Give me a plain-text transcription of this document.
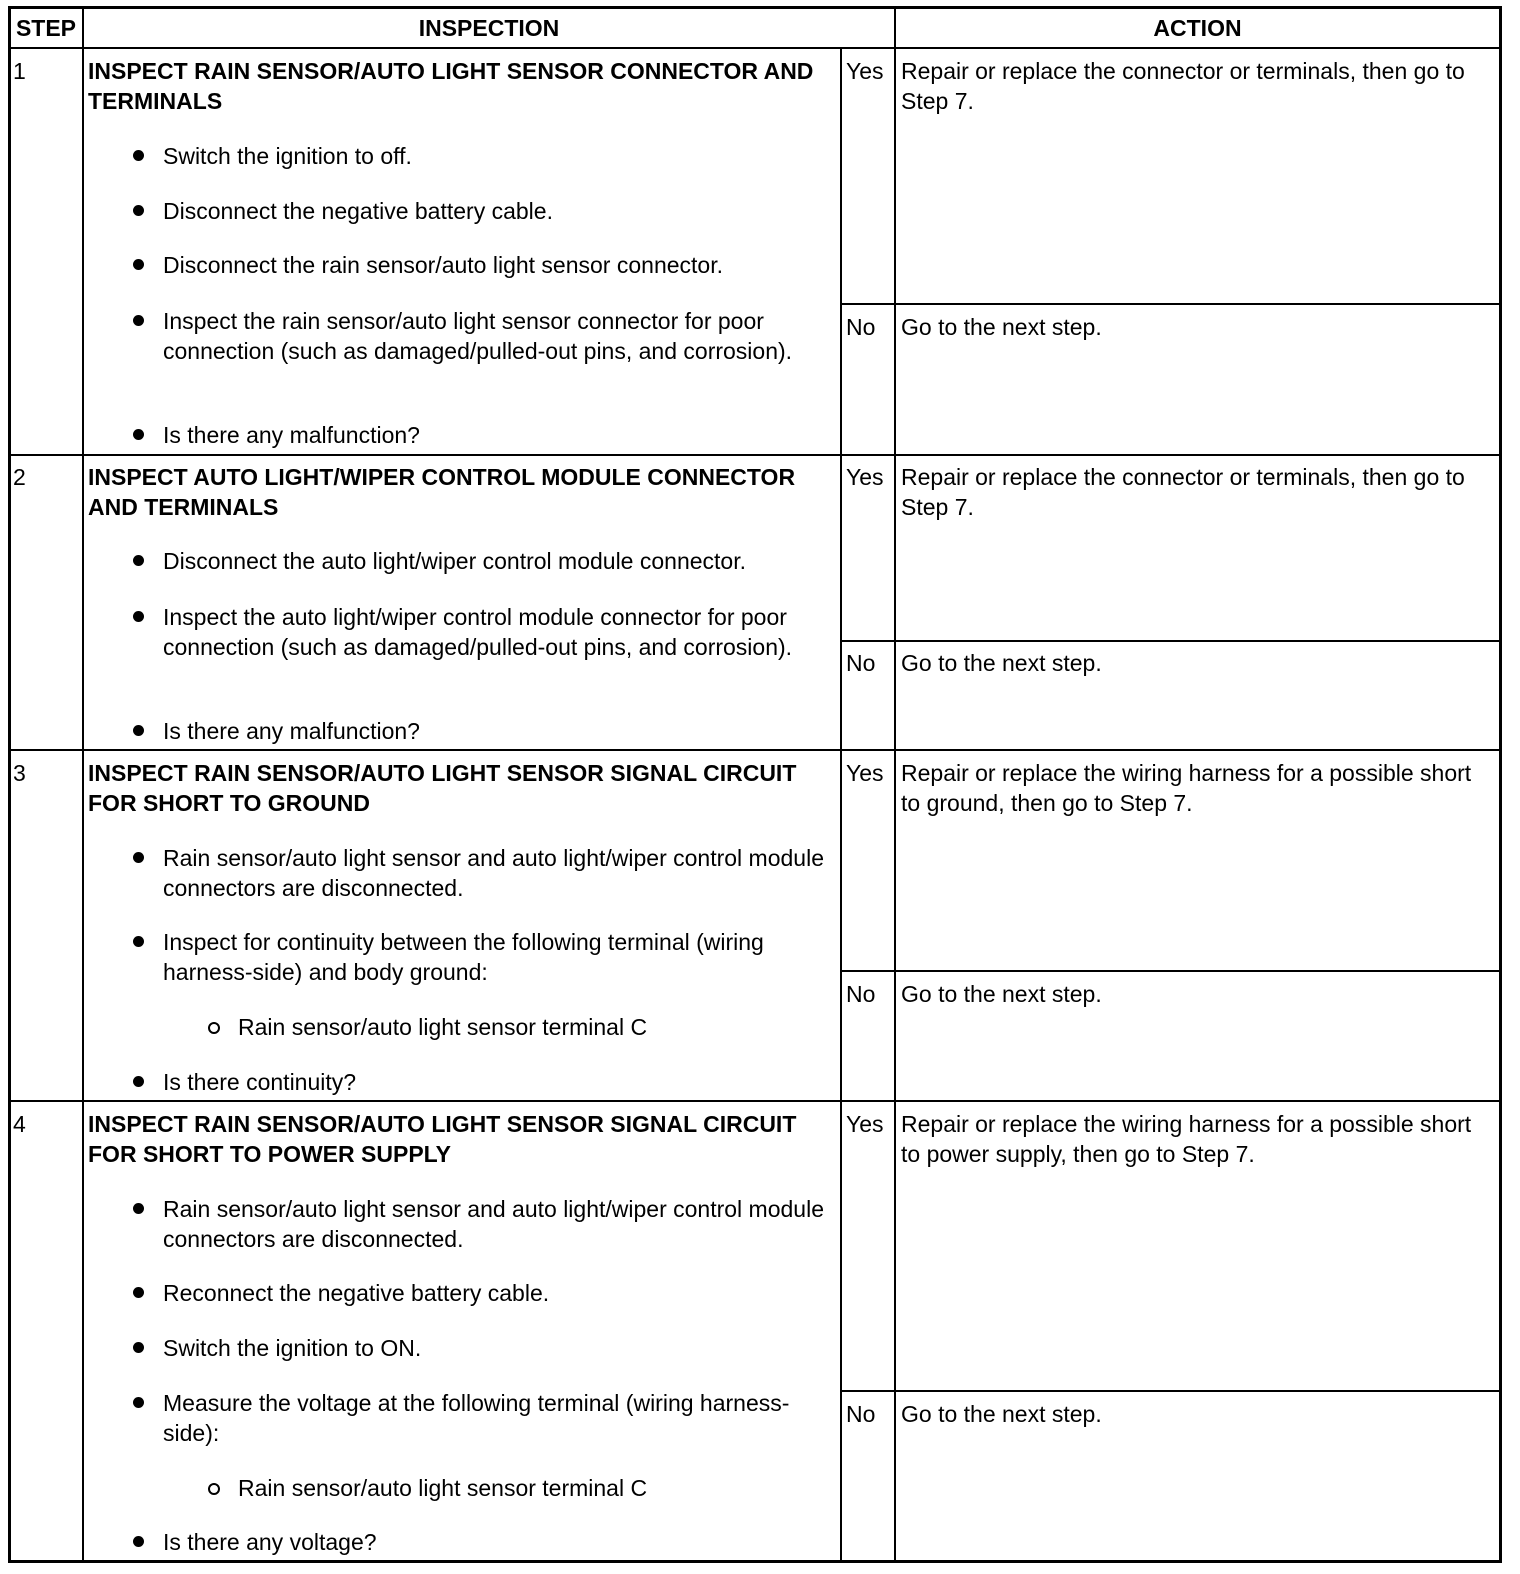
STEP	INSPECTION	ACTION
1	INSPECT RAIN SENSOR/AUTO LIGHT SENSOR CONNECTOR AND TERMINALS
Switch the ignition to off.
Disconnect the negative battery cable.
Disconnect the rain sensor/auto light sensor connector.
Inspect the rain sensor/auto light sensor connector for poor connection (such as damaged/pulled-out pins, and corrosion).
Is there any malfunction?
Yes Repair or replace the connector or terminals, then go to Step 7.
No Go to the next step.
2	INSPECT AUTO LIGHT/WIPER CONTROL MODULE CONNECTOR AND TERMINALS
Disconnect the auto light/wiper control module connector.
Inspect the auto light/wiper control module connector for poor connection (such as damaged/pulled-out pins, and corrosion).
Is there any malfunction?
Yes Repair or replace the connector or terminals, then go to Step 7.
No Go to the next step.
3	INSPECT RAIN SENSOR/AUTO LIGHT SENSOR SIGNAL CIRCUIT FOR SHORT TO GROUND
Rain sensor/auto light sensor and auto light/wiper control module connectors are disconnected.
Inspect for continuity between the following terminal (wiring harness-side) and body ground:
Rain sensor/auto light sensor terminal C
Is there continuity?
Yes Repair or replace the wiring harness for a possible short to ground, then go to Step 7.
No Go to the next step.
4	INSPECT RAIN SENSOR/AUTO LIGHT SENSOR SIGNAL CIRCUIT FOR SHORT TO POWER SUPPLY
Rain sensor/auto light sensor and auto light/wiper control module connectors are disconnected.
Reconnect the negative battery cable.
Switch the ignition to ON.
Measure the voltage at the following terminal (wiring harness-side):
Rain sensor/auto light sensor terminal C
Is there any voltage?
Yes Repair or replace the wiring harness for a possible short to power supply, then go to Step 7.
No Go to the next step.
